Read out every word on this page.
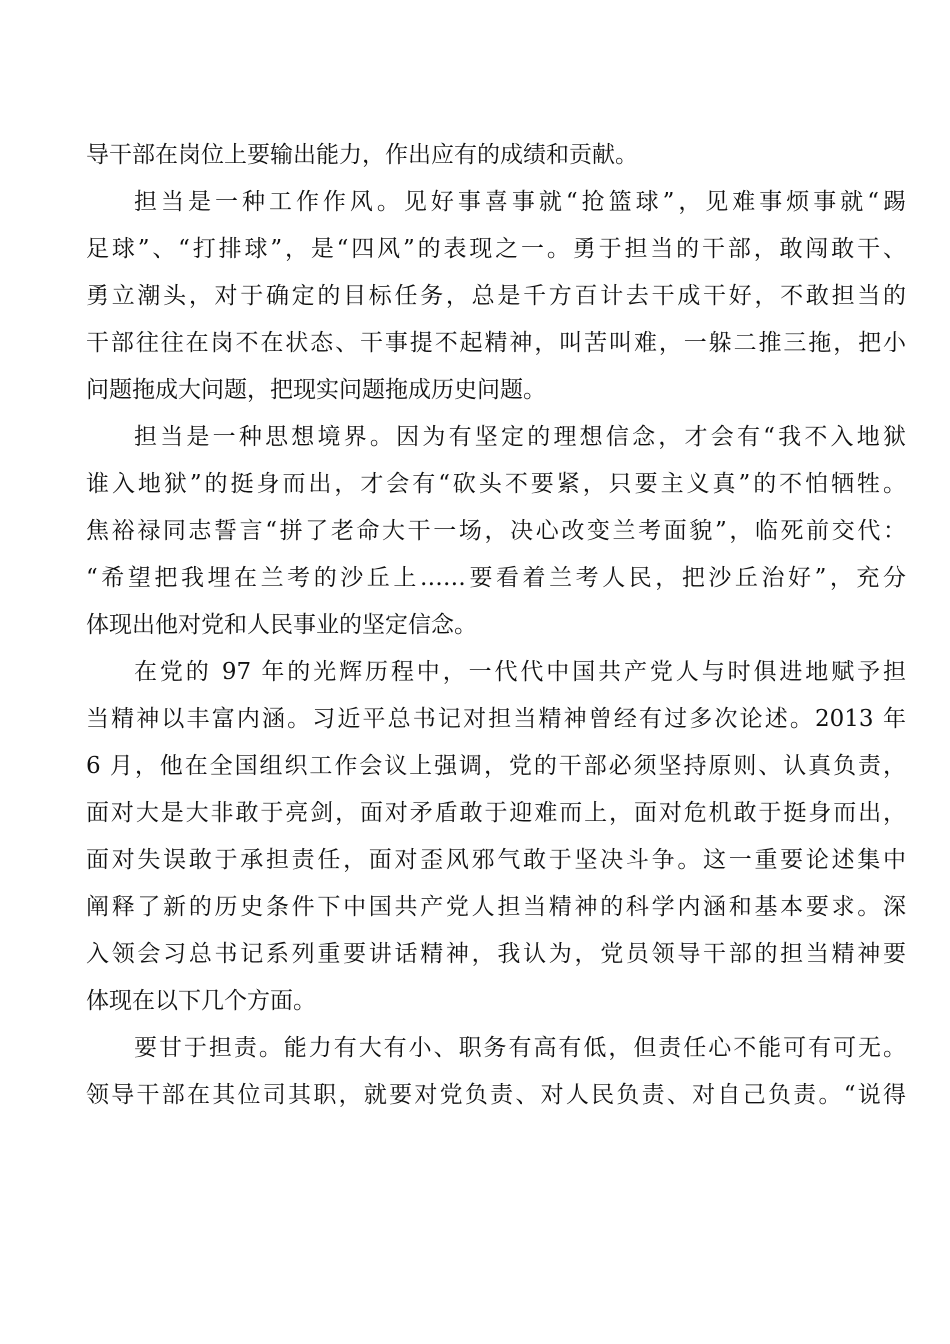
导干部在岗位上要输出能力，作出应有的成绩和贡献。
担当是一种工作作风。见好事喜事就“抢篮球”，见难事烦事就“踢
足球”、“打排球”，是“四风”的表现之一。勇于担当的干部，敢闯敢干、
勇立潮头，对于确定的目标任务，总是千方百计去干成干好，不敢担当的
干部往往在岗不在状态、干事提不起精神，叫苦叫难，一躲二推三拖，把小
问题拖成大问题，把现实问题拖成历史问题。
担当是一种思想境界。因为有坚定的理想信念，才会有“我不入地狱
谁入地狱”的挺身而出，才会有“砍头不要紧，只要主义真”的不怕牺牲。
焦裕禄同志誓言“拼了老命大干一场，决心改变兰考面貌”，临死前交代：
“希望把我埋在兰考的沙丘上……要看着兰考人民，把沙丘治好”，充分
体现出他对党和人民事业的坚定信念。
在党的 97 年的光辉历程中，一代代中国共产党人与时俱进地赋予担
当精神以丰富内涵。习近平总书记对担当精神曾经有过多次论述。2013 年
6 月，他在全国组织工作会议上强调，党的干部必须坚持原则、认真负责，
面对大是大非敢于亮剑，面对矛盾敢于迎难而上，面对危机敢于挺身而出，
面对失误敢于承担责任，面对歪风邪气敢于坚决斗争。这一重要论述集中
阐释了新的历史条件下中国共产党人担当精神的科学内涵和基本要求。深
入领会习总书记系列重要讲话精神，我认为，党员领导干部的担当精神要
体现在以下几个方面。
要甘于担责。能力有大有小、职务有高有低，但责任心不能可有可无。
领导干部在其位司其职，就要对党负责、对人民负责、对自己负责。“说得
